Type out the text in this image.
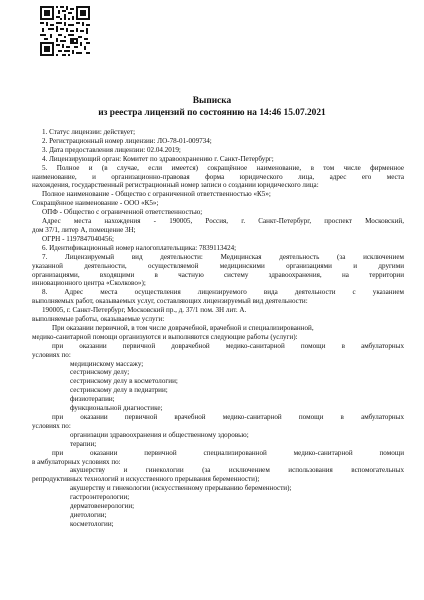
Выписка
из реестра лицензий по состоянию на 14:46 15.07.2021

1. Статус лицензии: действует;

2. Регистрационный номер лицензии: ЛО-78-01-009734;

3. Дата предоставления лицензии: 02.04.2019;

4. Лицензирующий орган: Комитет по здравоохранению г. Санкт-Петербург;

5. Полное и (в случае, если имеется) сокращённое наименование, в том числе фирменное

наименование, и организационно-правовая форма юридического лица, адрес его места

нахождения, государственный регистрационный номер записи о создании юридического лица:

Полное наименование - Общество с ограниченной ответственностью «К5»;

Сокращённое наименование - ООО «К5»;

ОПФ - Общество с ограниченной ответственностью;

Адрес места нахождения - 190005, Россия, г. Санкт-Петербург, проспект Московский,

дом 37/1, литер А, помещение 3Н;

ОГРН - 1197847040456;

6. Идентификационный номер налогоплательщика: 7839113424;

7. Лицензируемый вид деятельности: Медицинская деятельность (за исключением

указанной деятельности, осуществляемой медицинскими организациями и другими

организациями, входящими в частную систему здравоохранения, на территории

инновационного центра «Сколково»);

8. Адрес места осуществления лицензируемого вида деятельности с указанием

выполняемых работ, оказываемых услуг, составляющих лицензируемый вид деятельности:

190005, г. Санкт-Петербург, Московский пр., д. 37/1 пом. 3Н лит. А.

выполняемые работы, оказываемые услуги:

При оказании первичной, в том числе доврачебной, врачебной и специализированной,

медико-санитарной помощи организуются и выполняются следующие работы (услуги):

при оказании первичной доврачебной медико-санитарной помощи в амбулаторных

условиях по:

медицинскому массажу;

сестринскому делу;

сестринскому делу в косметологии;

сестринскому делу в педиатрии;

физиотерапии;

функциональной диагностике;

при оказании первичной врачебной медико-санитарной помощи в амбулаторных

условиях по:

организации здравоохранения и общественному здоровью;

терапии;

при оказании первичной специализированной медико-санитарной помощи

в амбулаторных условиях по:

акушерству и гинекологии (за исключением использования вспомогательных

репродуктивных технологий и искусственного прерывания беременности);

акушерству и гинекологии (искусственному прерыванию беременности);

гастроэнтерологии;

дерматовенерологии;

диетологии;

косметологии;
